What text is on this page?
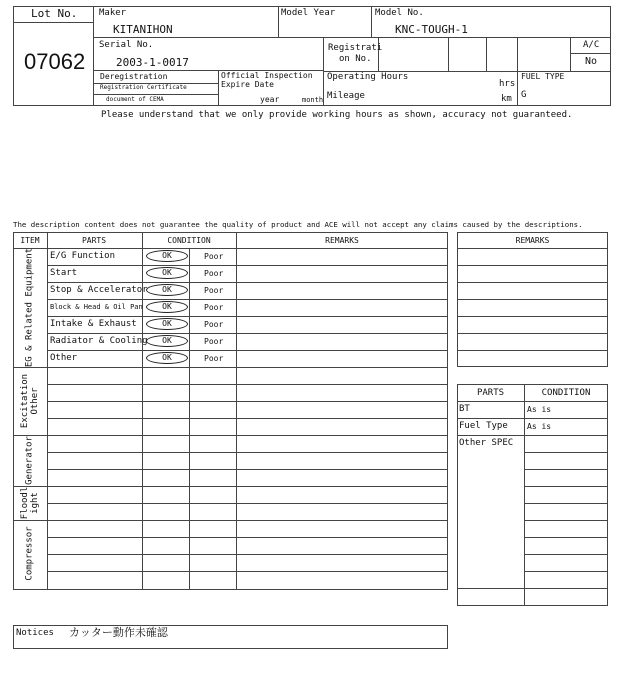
Lot No.
07062
Maker
KITANIHON
Model Year	Model No.
KNC-TOUGH-1
Serial No.
2003-1-0017
Registrati
on No.
A/C
No
Deregistration
Registration Certificate
document of CEMA
Official Inspection
Expire Date
year	month
Operating Hours
hrs
Mileage	km
FUEL TYPE
G
Please understand that we only provide working hours as shown, accuracy not guaranteed.
The description content does not guarantee the quality of product and ACE will not accept any claims caused by the descriptions.
ITEM	PARTS	CONDITION	REMARKS
E/G Function	OK	Poor
Start	OK	Poor
Stop & Accelerator	OK	Poor
Block & Head & Oil Pan	OK	Poor
Intake & Exhaust	OK	Poor
Radiator & Cooling	OK	Poor
Other	OK	Poor
EG & Related Equipment
Excitation
Other
Generator
Floodl
ight
Compressor
REMARKS
PARTS	CONDITION
BT	As is
Fuel Type As is
Other SPEC
Notices カッター動作未確認
